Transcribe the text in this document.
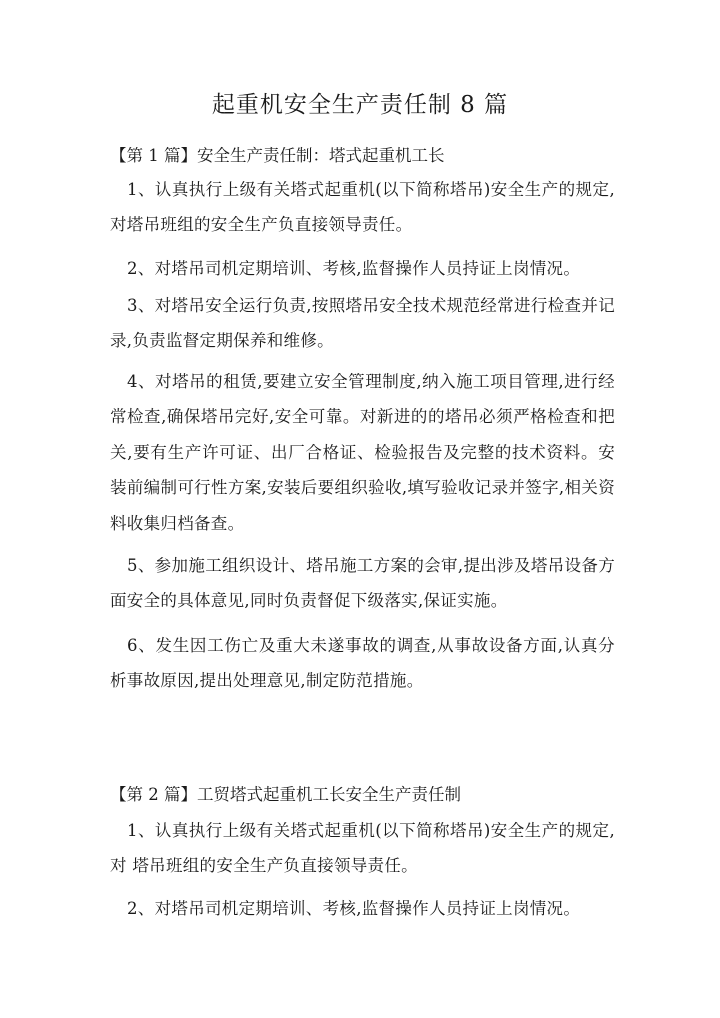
起重机安全生产责任制 8 篇
【第 1 篇】安全生产责任制：塔式起重机工长
1、认真执行上级有关塔式起重机(以下简称塔吊)安全生产的规定,对塔吊班组的安全生产负直接领导责任。
2、对塔吊司机定期培训、考核,监督操作人员持证上岗情况。
3、对塔吊安全运行负责,按照塔吊安全技术规范经常进行检查并记录,负责监督定期保养和维修。
4、对塔吊的租赁,要建立安全管理制度,纳入施工项目管理,进行经常检查,确保塔吊完好,安全可靠。对新进的的塔吊必须严格检查和把关,要有生产许可证、出厂合格证、检验报告及完整的技术资料。安装前编制可行性方案,安装后要组织验收,填写验收记录并签字,相关资料收集归档备查。
5、参加施工组织设计、塔吊施工方案的会审,提出涉及塔吊设备方面安全的具体意见,同时负责督促下级落实,保证实施。
6、发生因工伤亡及重大未遂事故的调查,从事故设备方面,认真分析事故原因,提出处理意见,制定防范措施。
【第 2 篇】工贸塔式起重机工长安全生产责任制
1、认真执行上级有关塔式起重机(以下简称塔吊)安全生产的规定,对 塔吊班组的安全生产负直接领导责任。
2、对塔吊司机定期培训、考核,监督操作人员持证上岗情况。
